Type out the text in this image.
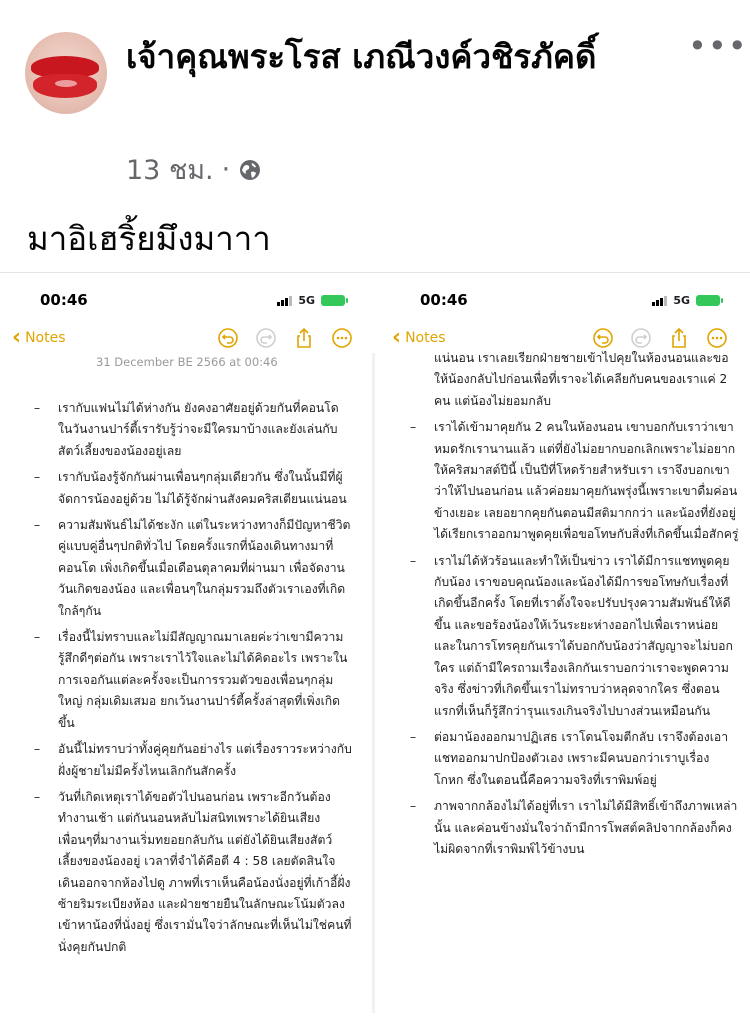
เจ้าคุณพระโรส เภณีวงค์วชิรภัคดิ์	•••
13 ชม. ·
มาอิเฮริ้ยมึงมาาา
00:46	5G
‹ Notes
31 December BE 2566 at 00:46
–	เรากับแฟนไม่ได้ห่างกัน ยังคงอาศัยอยู่ด้วยกันที่คอนโด ในวันงานปาร์ตี้เรารับรู้ว่าจะมีใครมาบ้างและยังเล่นกับสัตว์เลี้ยงของน้องอยู่เลย
–	เรากับน้องรู้จักกันผ่านเพื่อนๆกลุ่มเดียวกัน ซึ่งในนั้นมีที่ผู้จัดการน้องอยู่ด้วย ไม่ได้รู้จักผ่านสังคมคริสเตียนแน่นอน
–	ความสัมพันธ์ไม่ได้ชะงัก แต่ในระหว่างทางก็มีปัญหาชีวิตคู่แบบคู่อื่นๆปกติทั่วไป โดยครั้งแรกที่น้องเดินทางมาที่คอนโด เพิ่งเกิดขึ้นเมื่อเดือนตุลาคมที่ผ่านมา เพื่อจัดงานวันเกิดของน้อง และเพื่อนๆในกลุ่มรวมถึงตัวเราเองที่เกิดใกล้ๆกัน
–	เรื่องนี้ไม่ทราบและไม่มีสัญญาณมาเลยค่ะว่าเขามีความรู้สึกดีๆต่อกัน เพราะเราไว้ใจและไม่ได้คิดอะไร เพราะในการเจอกันแต่ละครั้งจะเป็นการรวมตัวของเพื่อนๆกลุ่มใหญ่ กลุ่มเดิมเสมอ ยกเว้นงานปาร์ตี้ครั้งล่าสุดที่เพิ่งเกิดขึ้น
–	อันนี้ไม่ทราบว่าทั้งคู่คุยกันอย่างไร แต่เรื่องราวระหว่างกับฝั่งผู้ชายไม่มีครั้งไหนเลิกกันสักครั้ง
–	วันที่เกิดเหตุเราได้ขอตัวไปนอนก่อน เพราะอีกวันต้องทำงานเช้า แต่กันนอนหลับไม่สนิทเพราะได้ยินเสียงเพื่อนๆที่มางานเริ่มทยอยกลับกัน แต่ยังได้ยินเสียงสัตว์เลี้ยงของน้องอยู่ เวลาที่จำได้คือตี 4 : 58 เลยตัดสินใจเดินออกจากห้องไปดู ภาพที่เราเห็นคือน้องนั่งอยู่ที่เก้าอี้ฝั่งซ้ายริมระเบียงห้อง และฝ่ายชายยืนในลักษณะโน้มตัวลงเข้าหาน้องที่นั่งอยู่ ซึ่งเรามั่นใจว่าลักษณะที่เห็นไม่ใช่คนที่นั่งคุยกันปกติ
00:46	5G
‹ Notes
แน่นอน เราเลยเรียกฝ่ายชายเข้าไปคุยในห้องนอนและขอให้น้องกลับไปก่อนเพื่อที่เราจะได้เคลียกับคนของเราแค่ 2 คน แต่น้องไม่ยอมกลับ
–	เราได้เข้ามาคุยกัน 2 คนในห้องนอน เขาบอกกับเราว่าเขาหมดรักเรานานแล้ว แต่ที่ยังไม่อยากบอกเลิกเพราะไม่อยากให้คริสมาสต์ปีนี้ เป็นปีที่โหดร้ายสำหรับเรา เราจึงบอกเขาว่าให้ไปนอนก่อน แล้วค่อยมาคุยกันพรุ่งนี้เพราะเขาดื่มค่อนข้างเยอะ เลยอยากคุยกันตอนมีสติมากกว่า และน้องที่ยังอยู่ได้เรียกเราออกมาพูดคุยเพื่อขอโทษกับสิ่งที่เกิดขึ้นเมื่อสักครู่
–	เราไม่ได้หัวร้อนและทำให้เป็นข่าว เราได้มีการแชทพูดคุยกับน้อง เราขอบคุณน้องและน้องได้มีการขอโทษกับเรื่องที่เกิดขึ้นอีกครั้ง โดยที่เราตั้งใจจะปรับปรุงความสัมพันธ์ให้ดีขึ้น และขอร้องน้องให้เว้นระยะห่างออกไปเพื่อเราหน่อย และในการโทรคุยกันเราได้บอกกับน้องว่าสัญญาจะไม่บอกใคร แต่ถ้ามีใครถามเรื่องเลิกกันเราบอกว่าเราจะพูดความจริง ซึ่งข่าวที่เกิดขึ้นเราไม่ทราบว่าหลุดจากใคร ซึ่งตอนแรกที่เห็นก็รู้สึกว่ารุนแรงเกินจริงไปบางส่วนเหมือนกัน
–	ต่อมาน้องออกมาปฏิเสธ เราโดนโจมตีกลับ เราจึงต้องเอาแชทออกมาปกป้องตัวเอง เพราะมีคนบอกว่าเราบูเรื่อง โกหก ซึ่งในตอนนี้คือความจริงที่เราพิมพ์อยู่
–	ภาพจากกล้องไม่ได้อยู่ที่เรา เราไม่ได้มีสิทธิ์เข้าถึงภาพเหล่านั้น และค่อนข้างมั่นใจว่าถ้ามีการโพสต์คลิปจากกล้องก็คงไม่ผิดจากที่เราพิมพ์ไว้ข้างบน
